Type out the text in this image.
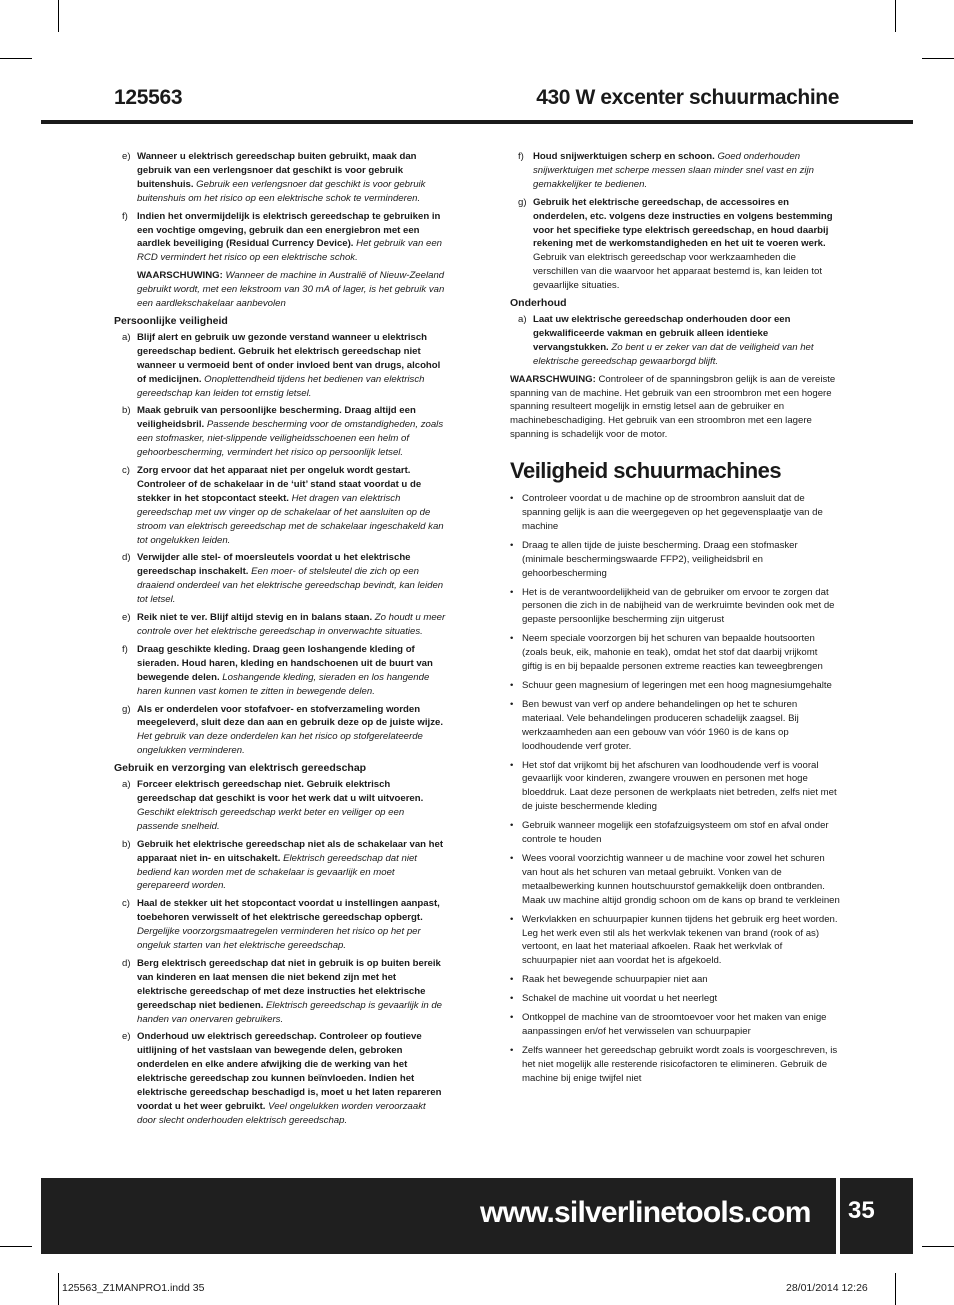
125563	430 W excenter schuurmachine
e) Wanneer u elektrisch gereedschap buiten gebruikt, maak dan gebruik van een verlengsnoer dat geschikt is voor gebruik buitenshuis. Gebruik een verlengsnoer dat geschikt is voor gebruik buitenshuis om het risico op een elektrische schok te verminderen.
f) Indien het onvermijdelijk is elektrisch gereedschap te gebruiken in een vochtige omgeving, gebruik dan een energiebron met een aardlek beveiliging (Residual Currency Device). Het gebruik van een RCD vermindert het risico op een elektrische schok.
WAARSCHUWING: Wanneer de machine in Australië of Nieuw-Zeeland gebruikt wordt, met een lekstroom van 30 mA of lager, is het gebruik van een aardlekschakelaar aanbevolen
Persoonlijke veiligheid
a) Blijf alert en gebruik uw gezonde verstand wanneer u elektrisch gereedschap bedient. Gebruik het elektrisch gereedschap niet wanneer u vermoeid bent of onder invloed bent van drugs, alcohol of medicijnen. Onoplettendheid tijdens het bedienen van elektrisch gereedschap kan leiden tot ernstig letsel.
b) Maak gebruik van persoonlijke bescherming. Draag altijd een veiligheidsbril. Passende bescherming voor de omstandigheden, zoals een stofmasker, niet-slippende veiligheidsschoenen een helm of gehoorbescherming, vermindert het risico op persoonlijk letsel.
c) Zorg ervoor dat het apparaat niet per ongeluk wordt gestart. Controleer of de schakelaar in de ‘uit’ stand staat voordat u de stekker in het stopcontact steekt. Het dragen van elektrisch gereedschap met uw vinger op de schakelaar of het aansluiten op de stroom van elektrisch gereedschap met de schakelaar ingeschakeld kan tot ongelukken leiden.
d) Verwijder alle stel- of moersleutels voordat u het elektrische gereedschap inschakelt. Een moer- of stelsleutel die zich op een draaiend onderdeel van het elektrische gereedschap bevindt, kan leiden tot letsel.
e) Reik niet te ver. Blijf altijd stevig en in balans staan. Zo houdt u meer controle over het elektrische gereedschap in onverwachte situaties.
f) Draag geschikte kleding. Draag geen loshangende kleding of sieraden. Houd haren, kleding en handschoenen uit de buurt van bewegende delen. Loshangende kleding, sieraden en los hangende haren kunnen vast komen te zitten in bewegende delen.
g) Als er onderdelen voor stofafvoer- en stofverzameling worden meegeleverd, sluit deze dan aan en gebruik deze op de juiste wijze. Het gebruik van deze onderdelen kan het risico op stofgerelateerde ongelukken verminderen.
Gebruik en verzorging van elektrisch gereedschap
a) Forceer elektrisch gereedschap niet. Gebruik elektrisch gereedschap dat geschikt is voor het werk dat u wilt uitvoeren. Geschikt elektrisch gereedschap werkt beter en veiliger op een passende snelheid.
b) Gebruik het elektrische gereedschap niet als de schakelaar van het apparaat niet in- en uitschakelt. Elektrisch gereedschap dat niet bediend kan worden met de schakelaar is gevaarlijk en moet gerepareerd worden.
c) Haal de stekker uit het stopcontact voordat u instellingen aanpast, toebehoren verwisselt of het elektrische gereedschap opbergt. Dergelijke voorzorgsmaatregelen verminderen het risico op het per ongeluk starten van het elektrische gereedschap.
d) Berg elektrisch gereedschap dat niet in gebruik is op buiten bereik van kinderen en laat mensen die niet bekend zijn met het elektrische gereedschap of met deze instructies het elektrische gereedschap niet bedienen. Elektrisch gereedschap is gevaarlijk in de handen van onervaren gebruikers.
e) Onderhoud uw elektrisch gereedschap. Controleer op foutieve uitlijning of het vastslaan van bewegende delen, gebroken onderdelen en elke andere afwijking die de werking van het elektrische gereedschap zou kunnen beïnvloeden. Indien het elektrische gereedschap beschadigd is, moet u het laten repareren voordat u het weer gebruikt. Veel ongelukken worden veroorzaakt door slecht onderhouden elektrisch gereedschap.
f) Houd snijwerktuigen scherp en schoon. Goed onderhouden snijwerktuigen met scherpe messen slaan minder snel vast en zijn gemakkelijker te bedienen.
g) Gebruik het elektrische gereedschap, de accessoires en onderdelen, etc. volgens deze instructies en volgens bestemming voor het specifieke type elektrisch gereedschap, en houd daarbij rekening met de werkomstandigheden en het uit te voeren werk. Gebruik van elektrisch gereedschap voor werkzaamheden die verschillen van die waarvoor het apparaat bestemd is, kan leiden tot gevaarlijke situaties.
Onderhoud
a) Laat uw elektrische gereedschap onderhouden door een gekwalificeerde vakman en gebruik alleen identieke vervangstukken. Zo bent u er zeker van dat de veiligheid van het elektrische gereedschap gewaarborgd blijft.
WAARSCHWUING: Controleer of de spanningsbron gelijk is aan de vereiste spanning van de machine. Het gebruik van een stroombron met een hogere spanning resulteert mogelijk in ernstig letsel aan de gebruiker en machinebeschadiging. Het gebruik van een stroombron met een lagere spanning is schadelijk voor de motor.
Veiligheid schuurmachines
• Controleer voordat u de machine op de stroombron aansluit dat de spanning gelijk is aan die weergegeven op het gegevensplaatje van de machine
• Draag te allen tijde de juiste bescherming. Draag een stofmasker (minimale beschermingswaarde FFP2), veiligheidsbril en gehoorbescherming
• Het is de verantwoordelijkheid van de gebruiker om ervoor te zorgen dat personen die zich in de nabijheid van de werkruimte bevinden ook met de gepaste persoonlijke bescherming zijn uitgerust
• Neem speciale voorzorgen bij het schuren van bepaalde houtsoorten (zoals beuk, eik, mahonie en teak), omdat het stof dat daarbij vrijkomt giftig is en bij bepaalde personen extreme reacties kan teweegbrengen
• Schuur geen magnesium of legeringen met een hoog magnesiumgehalte
• Ben bewust van verf op andere behandelingen op het te schuren materiaal. Vele behandelingen produceren schadelijk zaagsel. Bij werkzaamheden aan een gebouw van vóór 1960 is de kans op loodhoudende verf groter.
• Het stof dat vrijkomt bij het afschuren van loodhoudende verf is vooral gevaarlijk voor kinderen, zwangere vrouwen en personen met hoge bloeddruk. Laat deze personen de werkplaats niet betreden, zelfs niet met de juiste beschermende kleding
• Gebruik wanneer mogelijk een stofafzuigsysteem om stof en afval onder controle te houden
• Wees vooral voorzichtig wanneer u de machine voor zowel het schuren van hout als het schuren van metaal gebruikt. Vonken van de metaalbewerking kunnen houtschuurstof gemakkelijk doen ontbranden. Maak uw machine altijd grondig schoon om de kans op brand te verkleinen
• Werkvlakken en schuurpapier kunnen tijdens het gebruik erg heet worden. Leg het werk even stil als het werkvlak tekenen van brand (rook of as) vertoont, en laat het materiaal afkoelen. Raak het werkvlak of schuurpapier niet aan voordat het is afgekoeld.
• Raak het bewegende schuurpapier niet aan
• Schakel de machine uit voordat u het neerlegt
• Ontkoppel de machine van de stroomtoevoer voor het maken van enige aanpassingen en/of het verwisselen van schuurpapier
• Zelfs wanneer het gereedschap gebruikt wordt zoals is voorgeschreven, is het niet mogelijk alle resterende risicofactoren te elimineren. Gebruik de machine bij enige twijfel niet
www.silverlinetools.com 35
125563_Z1MANPRO1.indd 35	28/01/2014 12:26
